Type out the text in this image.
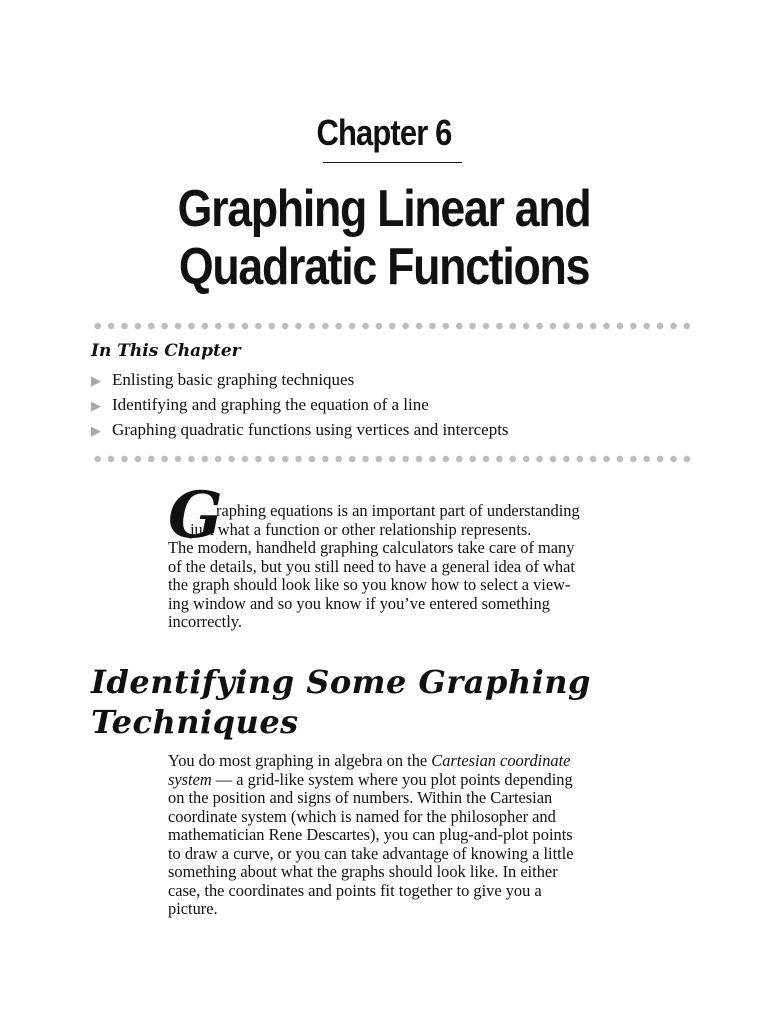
Chapter 6
Graphing Linear and
Quadratic Functions
In This Chapter
▶ Enlisting basic graphing techniques
▶ Identifying and graphing the equation of a line
▶ Graphing quadratic functions using vertices and intercepts
G
raphing equations is an important part of understanding
just what a function or other relationship represents.
The modern, handheld graphing calculators take care of many
of the details, but you still need to have a general idea of what
the graph should look like so you know how to select a view-
ing window and so you know if you’ve entered something
incorrectly.
Identifying Some Graphing
Techniques
You do most graphing in algebra on the Cartesian coordinate
system — a grid-like system where you plot points depending
on the position and signs of numbers. Within the Cartesian
coordinate system (which is named for the philosopher and
mathematician Rene Descartes), you can plug-and-plot points
to draw a curve, or you can take advantage of knowing a little
something about what the graphs should look like. In either
case, the coordinates and points fit together to give you a
picture.
